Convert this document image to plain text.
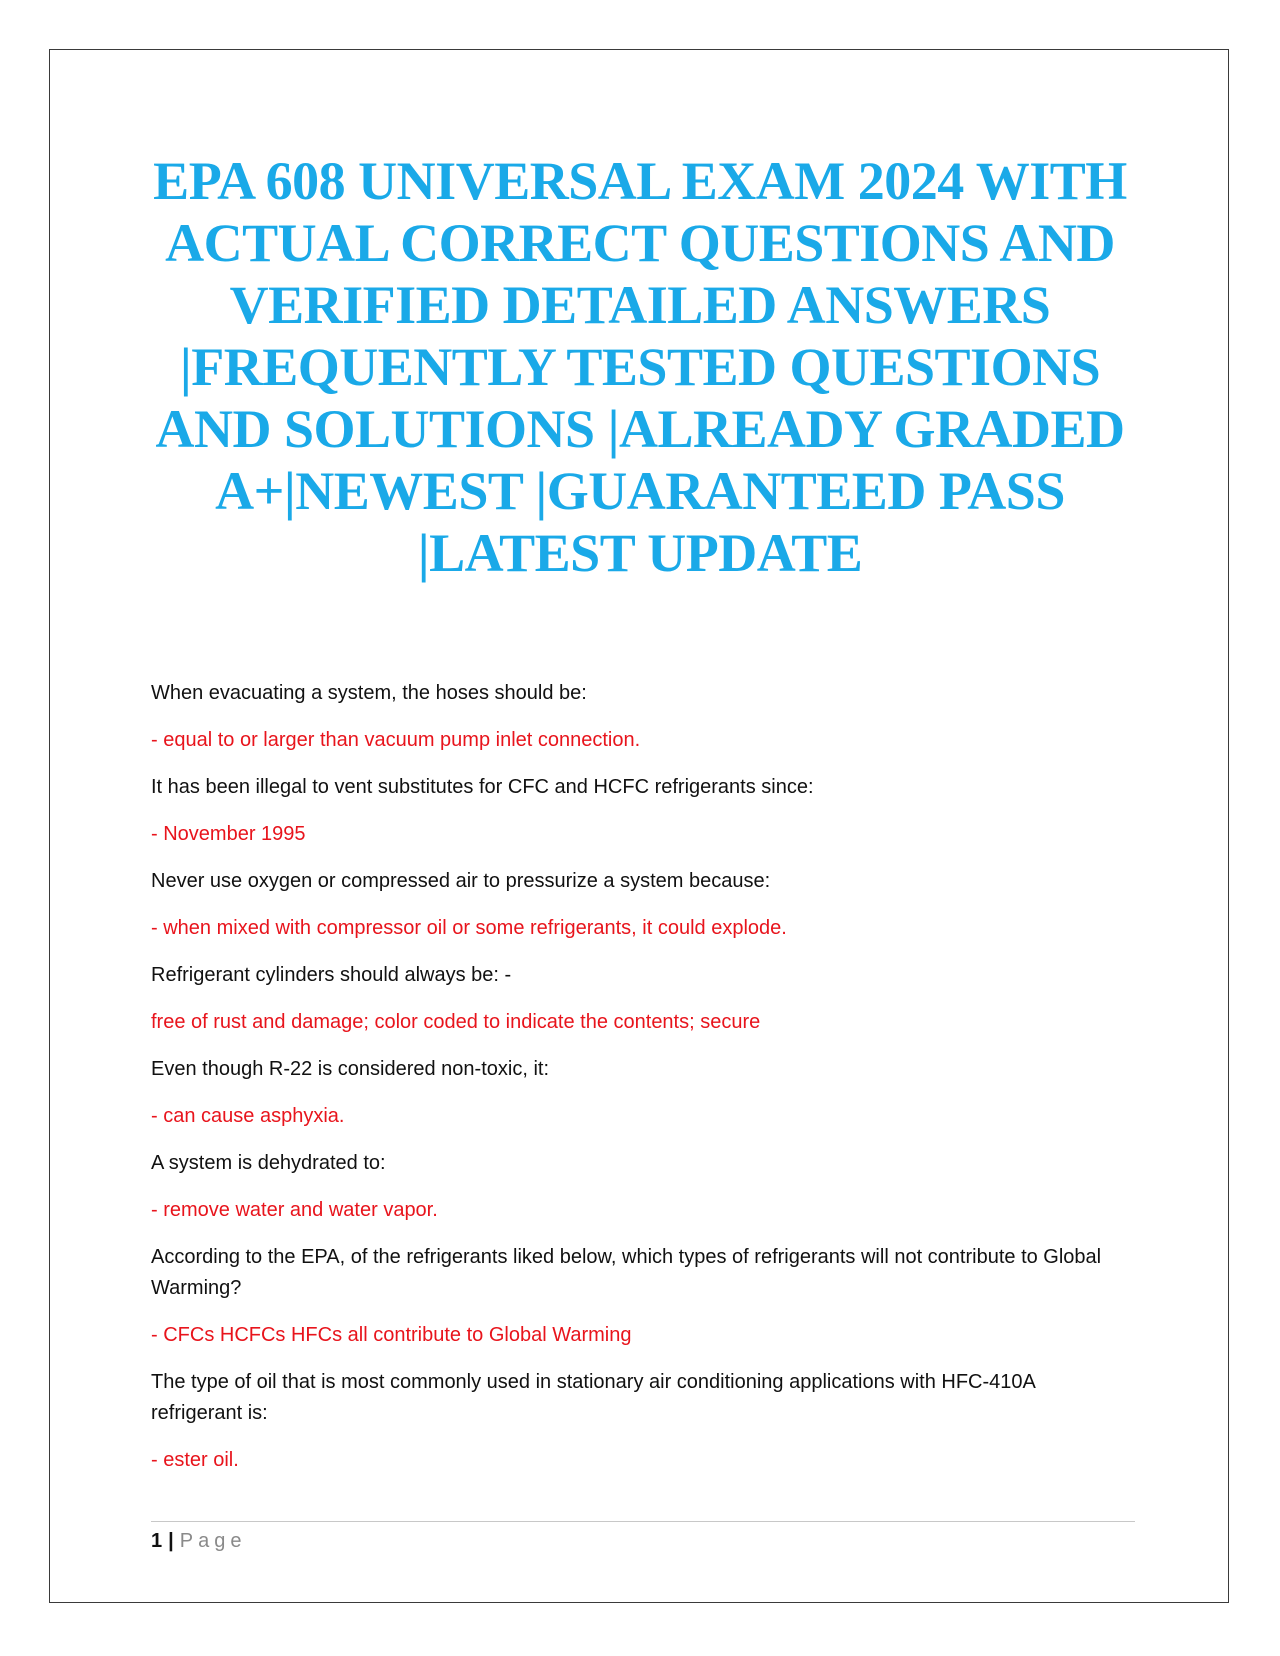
EPA 608 UNIVERSAL EXAM 2024 WITH ACTUAL CORRECT QUESTIONS AND VERIFIED DETAILED ANSWERS |FREQUENTLY TESTED QUESTIONS AND SOLUTIONS |ALREADY GRADED A+|NEWEST |GUARANTEED PASS |LATEST UPDATE

When evacuating a system, the hoses should be:

- equal to or larger than vacuum pump inlet connection.

It has been illegal to vent substitutes for CFC and HCFC refrigerants since:

- November 1995

Never use oxygen or compressed air to pressurize a system because:

- when mixed with compressor oil or some refrigerants, it could explode.

Refrigerant cylinders should always be: -

free of rust and damage; color coded to indicate the contents; secure

Even though R-22 is considered non-toxic, it:

- can cause asphyxia.

A system is dehydrated to:

- remove water and water vapor.

According to the EPA, of the refrigerants liked below, which types of refrigerants will not contribute to Global Warming?

- CFCs HCFCs HFCs all contribute to Global Warming

The type of oil that is most commonly used in stationary air conditioning applications with HFC-410A refrigerant is:

- ester oil.

1 | Page
